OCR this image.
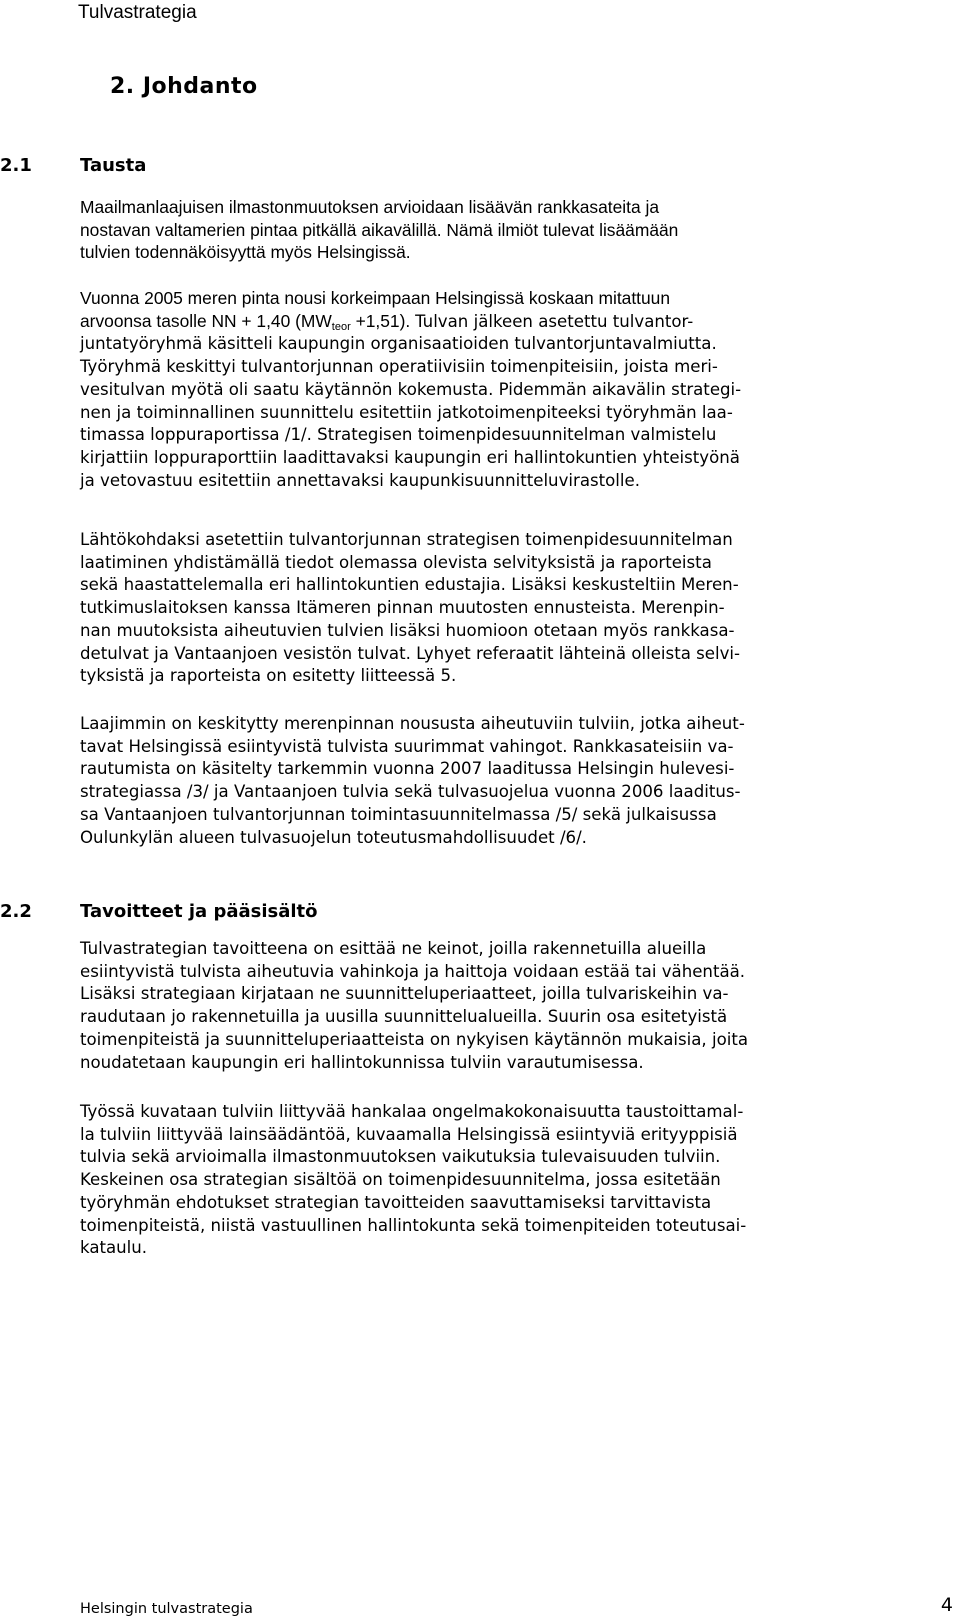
Tulvastrategia
2. Johdanto
2.1	Tausta
Maailmanlaajuisen ilmastonmuutoksen arvioidaan lisäävän rankkasateita ja
nostavan valtamerien pintaa pitkällä aikavälillä. Nämä ilmiöt tulevat lisäämään
tulvien todennäköisyyttä myös Helsingissä.
Vuonna 2005 meren pinta nousi korkeimpaan Helsingissä koskaan mitattuun
arvoonsa tasolle NN + 1,40 $(MW_{teor} +1,51)$. Tulvan jälkeen asetettu tulvantor-
juntatyöryhmä käsitteli kaupungin organisaatioiden tulvantorjuntavalmiutta.
Työryhmä keskittyi tulvantorjunnan operatiivisiin toimenpiteisiin, joista meri-
vesitulvan myötä oli saatu käytännön kokemusta. Pidemmän aikavälin strategi-
nen ja toiminnallinen suunnittelu esitettiin jatkotoimenpiteeksi työryhmän laa-
timassa loppuraportissa /1/. Strategisen toimenpidesuunnitelman valmistelu
kirjattiin loppuraporttiin laadittavaksi kaupungin eri hallintokuntien yhteistyönä
ja vetovastuu esitettiin annettavaksi kaupunkisuunnitteluvirastolle.
Lähtökohdaksi asetettiin tulvantorjunnan strategisen toimenpidesuunnitelman
laatiminen yhdistämällä tiedot olemassa olevista selvityksistä ja raporteista
sekä haastattelemalla eri hallintokuntien edustajia. Lisäksi keskusteltiin Meren-
tutkimuslaitoksen kanssa Itämeren pinnan muutosten ennusteista. Merenpin-
nan muutoksista aiheutuvien tulvien lisäksi huomioon otetaan myös rankkasa-
detulvat ja Vantaanjoen vesistön tulvat. Lyhyet referaatit lähteinä olleista selvi-
tyksistä ja raporteista on esitetty liitteessä 5.
Laajimmin on keskitytty merenpinnan noususta aiheutuviin tulviin, jotka aiheut-
tavat Helsingissä esiintyvistä tulvista suurimmat vahingot. Rankkasateisiin va-
rautumista on käsitelty tarkemmin vuonna 2007 laaditussa Helsingin hulevesi-
strategiassa /3/ ja Vantaanjoen tulvia sekä tulvasuojelua vuonna 2006 laaditus-
sa Vantaanjoen tulvantorjunnan toimintasuunnitelmassa /5/ sekä julkaisussa
Oulunkylän alueen tulvasuojelun toteutusmahdollisuudet /6/.
2.2	Tavoitteet ja pääsisältö
Tulvastrategian tavoitteena on esittää ne keinot, joilla rakennetuilla alueilla
esiintyvistä tulvista aiheutuvia vahinkoja ja haittoja voidaan estää tai vähentää.
Lisäksi strategiaan kirjataan ne suunnitteluperiaatteet, joilla tulvariskeihin va-
raudutaan jo rakennetuilla ja uusilla suunnittelualueilla. Suurin osa esitetyistä
toimenpiteistä ja suunnitteluperiaatteista on nykyisen käytännön mukaisia, joita
noudatetaan kaupungin eri hallintokunnissa tulviin varautumisessa.
Työssä kuvataan tulviin liittyvää hankalaa ongelmakokonaisuutta taustoittamal-
la tulviin liittyvää lainsäädäntöä, kuvaamalla Helsingissä esiintyviä erityyppisiä
tulvia sekä arvioimalla ilmastonmuutoksen vaikutuksia tulevaisuuden tulviin.
Keskeinen osa strategian sisältöä on toimenpidesuunnitelma, jossa esitetään
työryhmän ehdotukset strategian tavoitteiden saavuttamiseksi tarvittavista
toimenpiteistä, niistä vastuullinen hallintokunta sekä toimenpiteiden toteutusai-
kataulu.
Helsingin tulvastrategia	4
